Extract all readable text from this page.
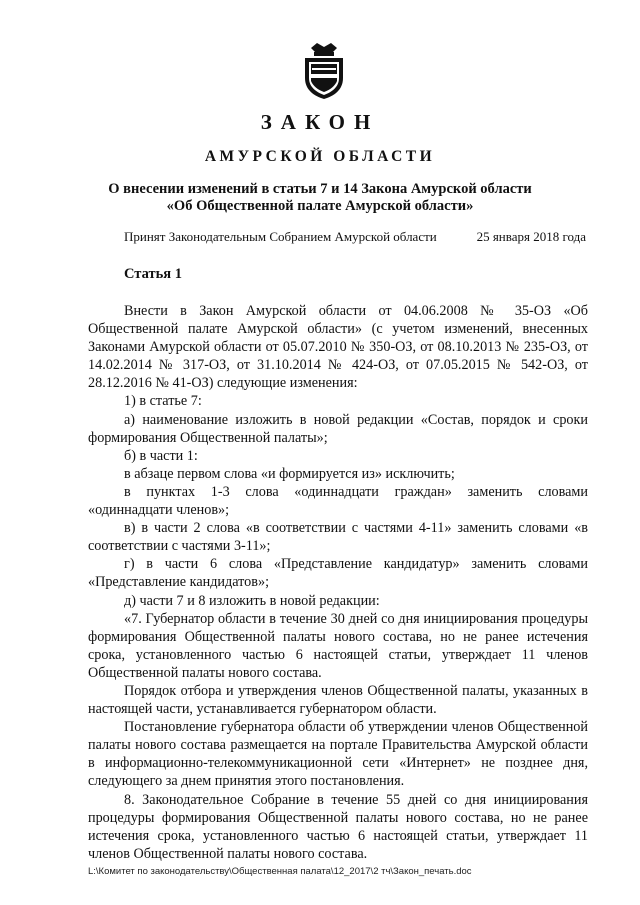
ЗАКОН
АМУРСКОЙ ОБЛАСТИ
О внесении изменений в статьи 7 и 14 Закона Амурской области
«Об Общественной палате Амурской области»
Принят Законодательным Собранием Амурской области	25 января 2018 года
Статья 1

Внести в Закон Амурской области от 04.06.2008 № 35-ОЗ «Об Общественной палате Амурской области» (с учетом изменений, внесенных Законами Амурской области от 05.07.2010 № 350-ОЗ, от 08.10.2013 № 235-ОЗ, от 14.02.2014 № 317-ОЗ, от 31.10.2014 № 424-ОЗ, от 07.05.2015 № 542-ОЗ, от 28.12.2016 № 41-ОЗ) следующие изменения:

1) в статье 7:

а) наименование изложить в новой редакции «Состав, порядок и сроки формирования Общественной палаты»;

б) в части 1:

в абзаце первом слова «и формируется из» исключить;

в пунктах 1-3 слова «одиннадцати граждан» заменить словами «одиннадцати членов»;

в) в части 2 слова «в соответствии с частями 4-11» заменить словами «в соответствии с частями 3-11»;

г) в части 6 слова «Представление кандидатур» заменить словами «Представление кандидатов»;

д) части 7 и 8 изложить в новой редакции:

«7. Губернатор области в течение 30 дней со дня инициирования процедуры формирования Общественной палаты нового состава, но не ранее истечения срока, установленного частью 6 настоящей статьи, утверждает 11 членов Общественной палаты нового состава.

Порядок отбора и утверждения членов Общественной палаты, указанных в настоящей части, устанавливается губернатором области.

Постановление губернатора области об утверждении членов Общественной палаты нового состава размещается на портале Правительства Амурской области в информационно-телекоммуникационной сети «Интернет» не позднее дня, следующего за днем принятия этого постановления.

8. Законодательное Собрание в течение 55 дней со дня инициирования процедуры формирования Общественной палаты нового состава, но не ранее истечения срока, установленного частью 6 настоящей статьи, утверждает 11 членов Общественной палаты нового состава.

L:\Комитет по законодательству\Общественная палата\12_2017\2 тч\Закон_печать.doc
